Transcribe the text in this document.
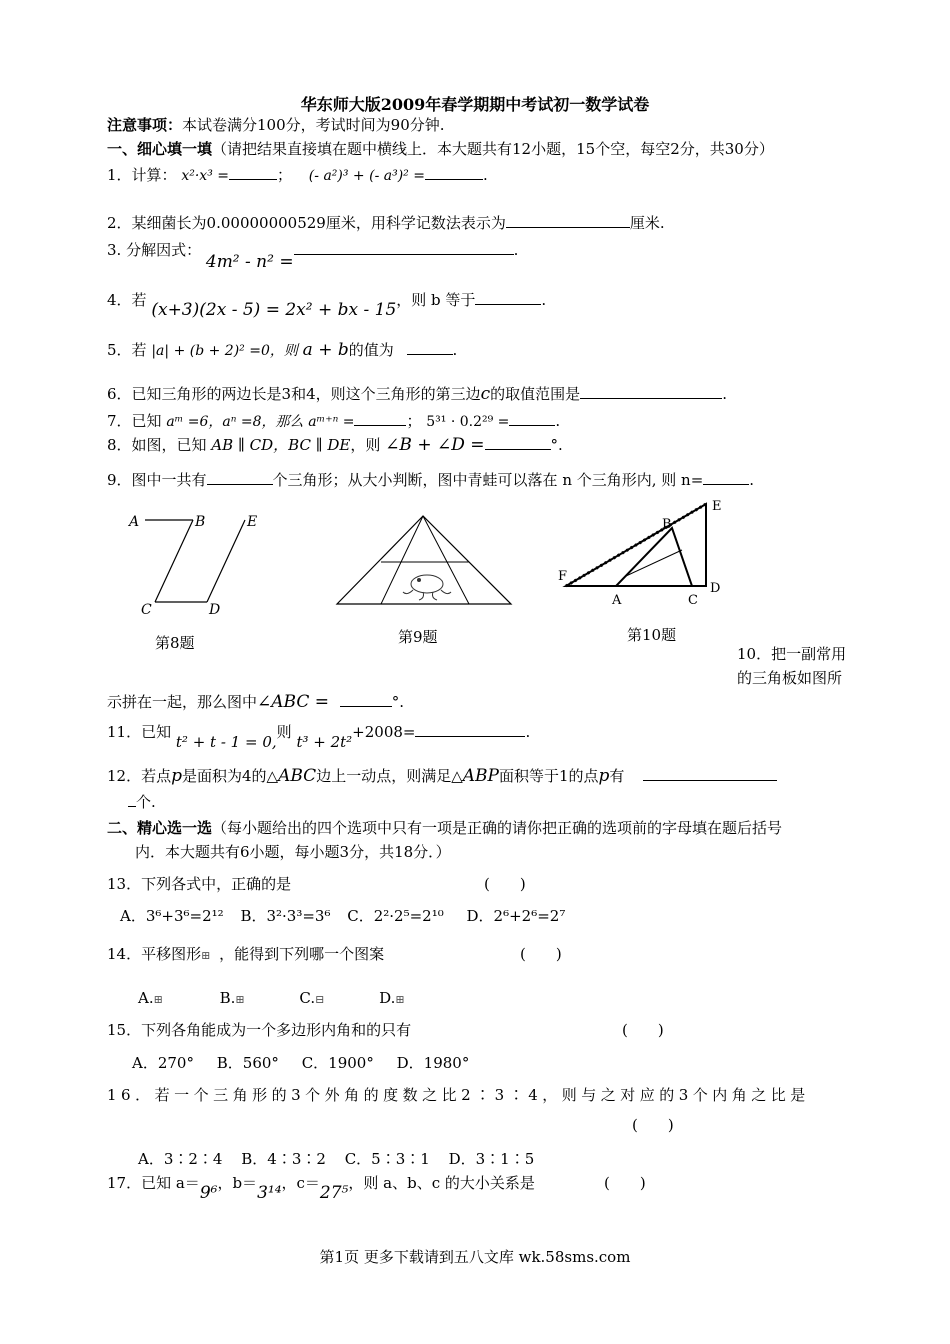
华东师大版2009年春学期期中考试初一数学试卷
注意事项：本试卷满分100分，考试时间为90分钟.
一、细心填一填（请把结果直接填在题中横线上．本大题共有12小题，15个空，每空2分，共30分）
1．计算： x²·x³ =	； (- a²)³ + (- a³)² =	.
2．某细菌长为0.00000000529厘米，用科学记数法表示为	厘米.
3. 分解因式： 4m² - n² =.
4．若 (x+3)(2x - 5) = 2x² + bx - 15，则 b 等于	.
5．若 |a| + (b + 2)² =0，则 a + b的值为	.
6．已知三角形的两边长是3和4，则这个三角形的第三边c的取值范围是	.
7．已知 aᵐ =6，aⁿ =8，那么 aᵐ⁺ⁿ =	； 5³¹ · 0.2²⁹ =	.
8．如图，已知 AB ∥ CD，BC ∥ DE，则 ∠B + ∠D =	°.
9．图中一共有	个三角形；从大小判断，图中青蛙可以落在 n 个三角形内, 则 n=	.
A	B	E
C	D
第8题	第9题
E
B
F
A	C
D
第10题
10．把一副常用
的三角板如图所
示拼在一起，那么图中∠ABC =	°.
11．已知 t² + t - 1 = 0,则 t³ + 2t²+2008=	.
12．若点p是面积为4的△ABC边上一动点，则满足△ABP面积等于1的点p有
个.
二、精心选一选（每小题给出的四个选项中只有一项是正确的请你把正确的选项前的字母填在题后括号
内．本大题共有6小题，每小题3分，共18分．）
13．下列各式中，正确的是	(　　)
A．3⁶+3⁶=2¹² B．3²·3³=3⁶ C．2²·2⁵=2¹⁰ D．2⁶+2⁶=2⁷
14．平移图形⊞ ，能得到下列哪一个图案	(　　)
A.⊞	B.⊞	C.⊟	D.⊞
15．下列各角能成为一个多边形内角和的只有	(　　)
A．270° B．560° C．1900° D．1980°
16．若一个三角形的3个外角的度数之比2∶3∶4，则与之对应的3个内角之比是
(　　)
A．3∶2∶4 B．4∶3∶2 C．5∶3∶1 D．3∶1∶5
17．已知 a＝9⁶，b＝3¹⁴，c＝27⁵，则 a、b、c 的大小关系是	(　　)
第1页 更多下载请到五八文库 wk.58sms.com
